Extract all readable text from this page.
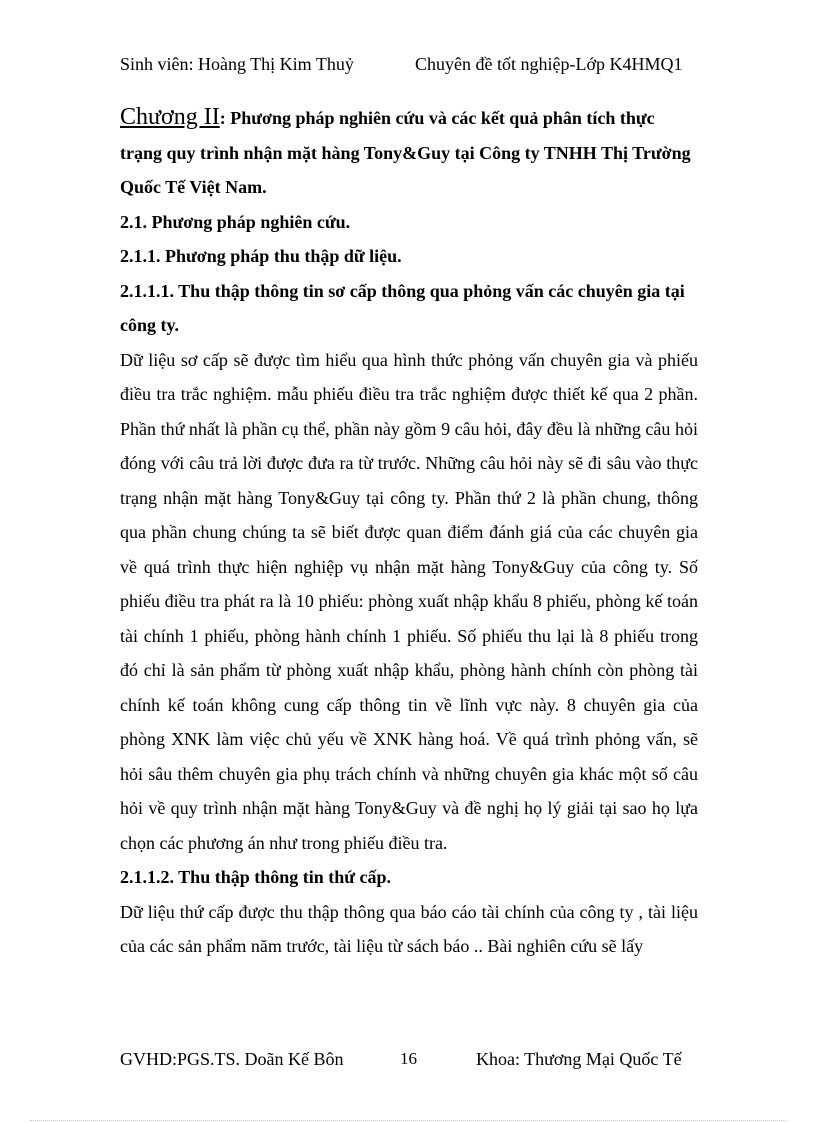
Sinh viên: Hoàng Thị Kim Thuỷ	Chuyên đề tốt nghiệp-Lớp K4HMQ1

Chương II: Phương pháp nghiên cứu và các kết quả phân tích thực trạng quy trình nhận mặt hàng Tony&Guy tại Công ty TNHH Thị Trường Quốc Tế Việt Nam.

2.1. Phương pháp nghiên cứu.

2.1.1. Phương pháp thu thập dữ liệu.

2.1.1.1. Thu thập thông tin sơ cấp thông qua phỏng vấn các chuyên gia tại công ty.

Dữ liệu sơ cấp sẽ được tìm hiểu qua hình thức phỏng vấn chuyên gia và phiếu điều tra trắc nghiệm. mẫu phiếu điều tra trắc nghiệm được thiết kế qua 2 phần. Phần thứ nhất là phần cụ thể, phần này gồm 9 câu hỏi, đây đều là những câu hỏi đóng với câu trả lời được đưa ra từ trước. Những câu hỏi này sẽ đi sâu vào thực trạng nhận mặt hàng Tony&Guy tại công ty. Phần thứ 2 là phần chung, thông qua phần chung chúng ta sẽ biết được quan điểm đánh giá của các chuyên gia về quá trình thực hiện nghiệp vụ nhận mặt hàng Tony&Guy của công ty. Số phiếu điều tra phát ra là 10 phiếu: phòng xuất nhập khẩu 8 phiếu, phòng kế toán tài chính 1 phiếu, phòng hành chính 1 phiếu. Số phiếu thu lại là 8 phiếu trong đó chỉ là sản phẩm từ phòng xuất nhập khẩu, phòng hành chính còn phòng tài chính kế toán không cung cấp thông tin về lĩnh vực này. 8 chuyên gia của phòng XNK làm việc chủ yếu về XNK hàng hoá. Về quá trình phỏng vấn, sẽ hỏi sâu thêm chuyên gia phụ trách chính và những chuyên gia khác một số câu hỏi về quy trình nhận mặt hàng Tony&Guy và đề nghị họ lý giải tại sao họ lựa chọn các phương án như trong phiếu điều tra.

2.1.1.2. Thu thập thông tin thứ cấp.

Dữ liệu thứ cấp được thu thập thông qua báo cáo tài chính của công ty , tài liệu của các sản phẩm năm trước, tài liệu từ sách báo .. Bài nghiên cứu sẽ lấy

GVHD:PGS.TS. Doãn Kế Bôn	16	Khoa: Thương Mại Quốc Tế
